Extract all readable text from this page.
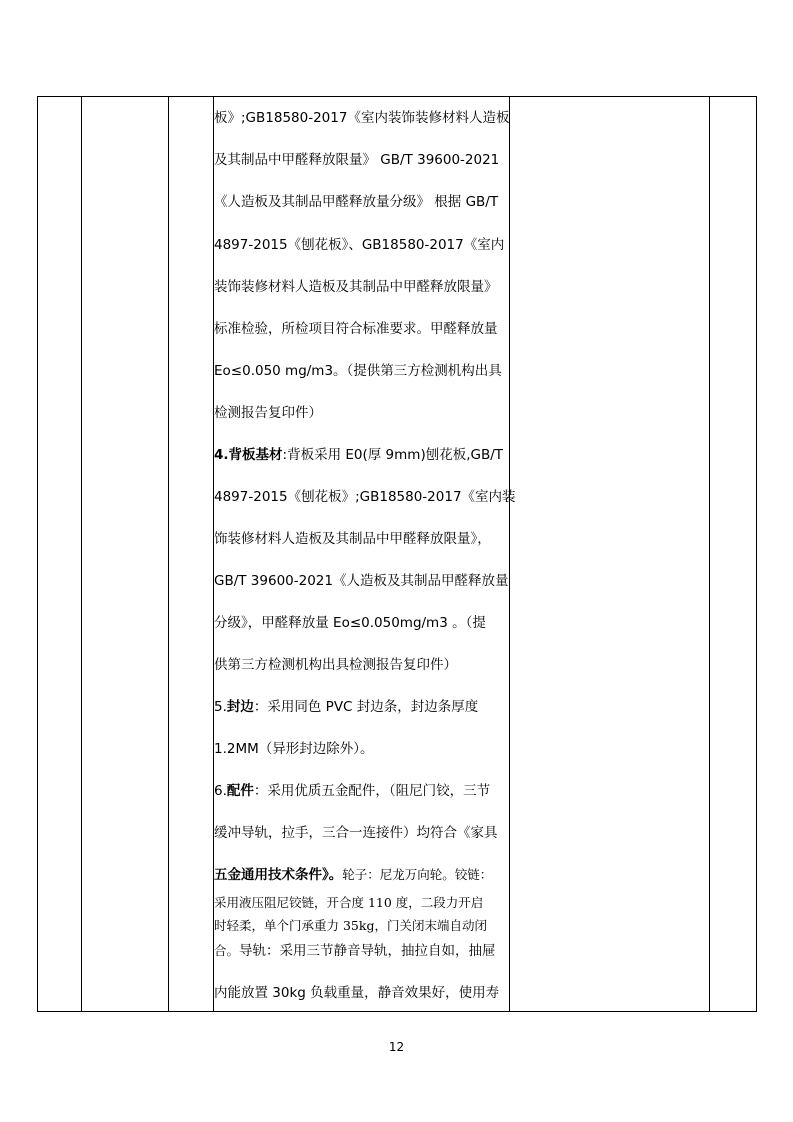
板》;GB18580-2017《室内装饰装修材料人造板
及其制品中甲醛释放限量》 GB/T 39600-2021
《人造板及其制品甲醛释放量分级》 根据 GB/T
4897-2015《刨花板》、GB18580-2017《室内
装饰装修材料人造板及其制品中甲醛释放限量》
标准检验，所检项目符合标准要求。甲醛释放量
Eo≤0.050 mg/m3。（提供第三方检测机构出具
检测报告复印件）
4.背板基材:背板采用 E0(厚 9mm)刨花板,GB/T
4897-2015《刨花板》;GB18580-2017《室内装
饰装修材料人造板及其制品中甲醛释放限量》，
GB/T 39600-2021《人造板及其制品甲醛释放量
分级》，甲醛释放量 Eo≤0.050mg/m3 。（提
供第三方检测机构出具检测报告复印件）
5.封边：采用同色 PVC 封边条，封边条厚度
1.2MM（异形封边除外）。
6.配件：采用优质五金配件，（阻尼门铰，三节
缓冲导轨，拉手，三合一连接件）均符合《家具
五金通用技术条件》。轮子：尼龙万向轮。铰链：
采用液压阻尼铰链，开合度 110 度，二段力开启
时轻柔，单个门承重力 35kg，门关闭末端自动闭
合。导轨：采用三节静音导轨，抽拉自如，抽屉
内能放置 30kg 负载重量，静音效果好，使用寿
12
